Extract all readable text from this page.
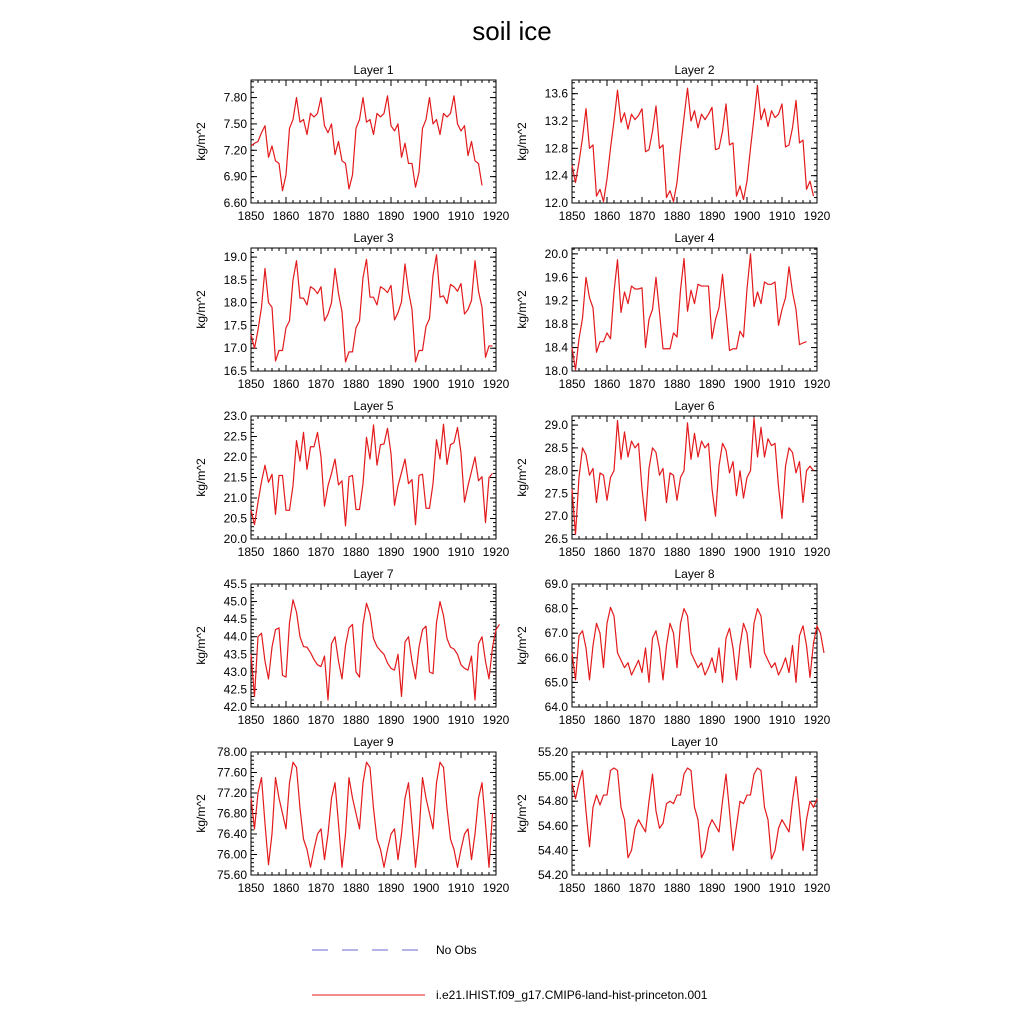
soil ice
Layer 1
1850 1860 1870 1880 1890 1900 1910 1920
6.60
6.90
7.20
7.50
7.80
kg/m^2
Layer 2
1850 1860 1870 1880 1890 1900 1910 1920
12.0
12.4
12.8
13.2
13.6
kg/m^2
Layer 3
1850 1860 1870 1880 1890 1900 1910 1920
16.5
17.0
17.5
18.0
18.5
19.0
kg/m^2
Layer 4
1850 1860 1870 1880 1890 1900 1910 1920
18.0
18.4
18.8
19.2
19.6
20.0
kg/m^2
Layer 5
1850 1860 1870 1880 1890 1900 1910 1920
20.0
20.5
21.0
21.5
22.0
22.5
23.0
kg/m^2
Layer 6
1850 1860 1870 1880 1890 1900 1910 1920
26.5
27.0
27.5
28.0
28.5
29.0
kg/m^2
Layer 7
1850 1860 1870 1880 1890 1900 1910 1920
42.0
42.5
43.0
43.5
44.0
44.5
45.0
45.5
kg/m^2
Layer 8
1850 1860 1870 1880 1890 1900 1910 1920
64.0
65.0
66.0
67.0
68.0
69.0
kg/m^2
Layer 9
1850 1860 1870 1880 1890 1900 1910 1920
75.60
76.00
76.40
76.80
77.20
77.60
78.00
kg/m^2
Layer 10
1850 1860 1870 1880 1890 1900 1910 1920
54.20
54.40
54.60
54.80
55.00
55.20
kg/m^2
No Obs
i.e21.IHIST.f09_g17.CMIP6-land-hist-princeton.001
